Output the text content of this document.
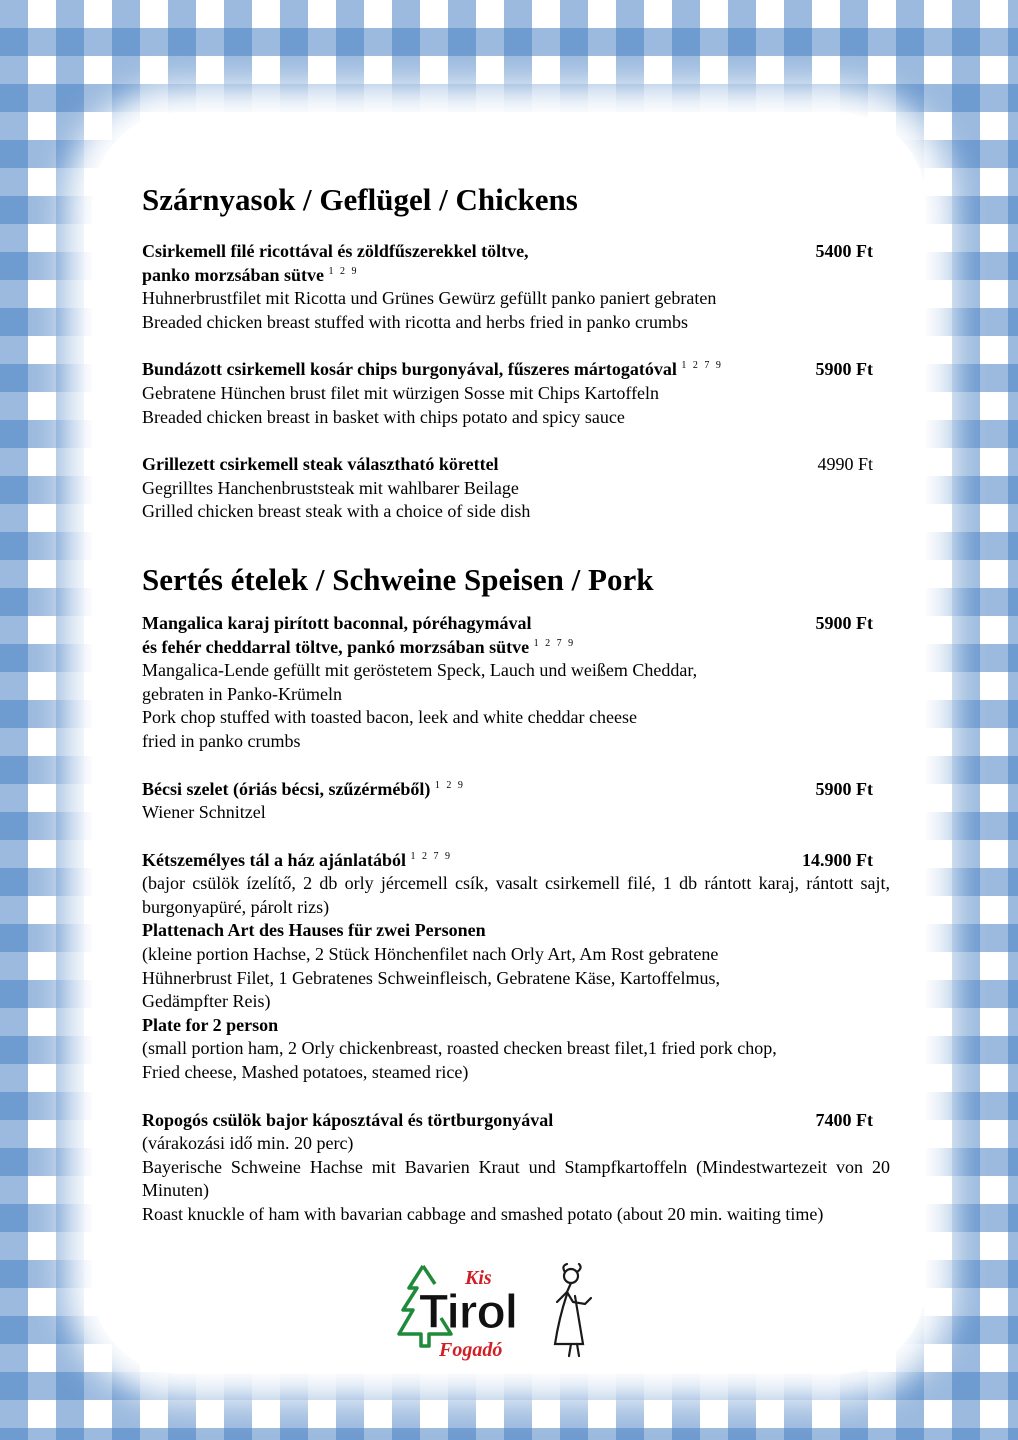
Szárnyasok / Geflügel / Chickens

Csirkemell filé ricottával és zöldfűszerekkel töltve,

panko morzsában sütve $^{1 2 9}$

5400 Ft

Huhnerbrustfilet mit Ricotta und Grünes Gewürz gefüllt panko paniert gebraten

Breaded chicken breast stuffed with ricotta and herbs fried in panko crumbs

Bundázott csirkemell kosár chips burgonyával, fűszeres mártogatóval $^{1 2 7 9}$	5900 Ft

Gebratene Hünchen brust filet mit würzigen Sosse mit Chips Kartoffeln

Breaded chicken breast in basket with chips potato and spicy sauce

Grillezett csirkemell steak választható körettel	4990 Ft

Gegrilltes Hanchenbruststeak mit wahlbarer Beilage

Grilled chicken breast steak with a choice of side dish

Sertés ételek / Schweine Speisen / Pork

Mangalica karaj pirított baconnal, póréhagymával

és fehér cheddarral töltve, pankó morzsában sütve $^{1 2 7 9}$

5900 Ft

Mangalica-Lende gefüllt mit geröstetem Speck, Lauch und weißem Cheddar,

gebraten in Panko-Krümeln

Pork chop stuffed with toasted bacon, leek and white cheddar cheese

fried in panko crumbs

Bécsi szelet (óriás bécsi, szűzérméből) $^{1 2 9}$	5900 Ft

Wiener Schnitzel

Kétszemélyes tál a ház ajánlatából $^{1 2 7 9}$	14.900 Ft

(bajor csülök ízelítő, 2 db orly jércemell csík, vasalt csirkemell filé, 1 db rántott karaj, rántott sajt, burgonyapüré, párolt rizs)

Plattenach Art des Hauses für zwei Personen

(kleine portion Hachse, 2 Stück Hönchenfilet nach Orly Art, Am Rost gebratene

Hühnerbrust Filet, 1 Gebratenes Schweinfleisch, Gebratene Käse, Kartoffelmus,

Gedämpfter Reis)

Plate for 2 person

(small portion ham, 2 Orly chickenbreast, roasted checken breast filet,1 fried pork chop,

Fried cheese, Mashed potatoes, steamed rice)

Ropogós csülök bajor káposztával és törtburgonyával	7400 Ft

(várakozási idő min. 20 perc)

Bayerische Schweine Hachse mit Bavarien Kraut und Stampfkartoffeln (Mindestwartezeit von 20 Minuten)

Roast knuckle of ham with bavarian cabbage and smashed potato (about 20 min. waiting time)

Kis
Tirol
Fogadó
